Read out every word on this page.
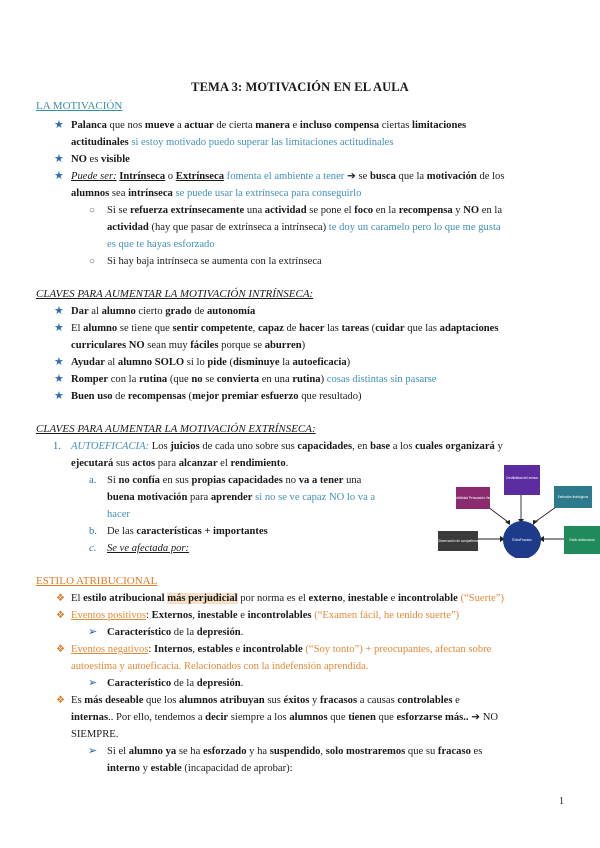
TEMA 3: MOTIVACIÓN EN EL AULA
LA MOTIVACIÓN
★ Palanca que nos mueve a actuar de cierta manera e incluso compensa ciertas limitaciones
actitudinales si estoy motivado puedo superar las limitaciones actitudinales
★ NO es visible
★ Puede ser: Intrínseca o Extrínseca fomenta el ambiente a tener ➔ se busca que la motivación de los
alumnos sea intrínseca se puede usar la extrínseca para conseguirlo
○ Si se refuerza extrínsecamente una actividad se pone el foco en la recompensa y NO en la
actividad (hay que pasar de extrínseca a intrínseca) te doy un caramelo pero lo que me gusta
es que te hayas esforzado
○ Si hay baja intrínseca se aumenta con la extrínseca
CLAVES PARA AUMENTAR LA MOTIVACIÓN INTRÍNSECA:
★ Dar al alumno cierto grado de autonomía
★ El alumno se tiene que sentir competente, capaz de hacer las tareas (cuidar que las adaptaciones
curriculares NO sean muy fáciles porque se aburren)
★ Ayudar al alumno SOLO si lo pide (disminuye la autoeficacia)
★ Romper con la rutina (que no se convierta en una rutina) cosas distintas sin pasarse
★ Buen uso de recompensas (mejor premiar esfuerzo que resultado)
CLAVES PARA AUMENTAR LA MOTIVACIÓN EXTRÍNSECA:
1. AUTOEFICACIA: Los juicios de cada uno sobre sus capacidades, en base a los cuales organizará y
ejecutará sus actos para alcanzar el rendimiento.
a. Si no confía en sus propias capacidades no va a tener una
buena motivación para aprender si no se ve capaz NO lo va a
hacer
b. De las características + importantes
c. Se ve afectada por:
Éxito/Fracaso
Credibilidad del emisor
Credibilidad Persuasión Verbal	Estímulos fisiológicos
Observación de compañeros	Estilo atribucional
ESTILO ATRIBUCIONAL
❖ El estilo atribucional más perjudicial por norma es el externo, inestable e incontrolable (“Suerte”)
❖ Eventos positivos: Externos, inestable e incontrolables (“Examen fácil, he tenido suerte”)
➢ Característico de la depresión.
❖ Eventos negativos: Internos, estables e incontrolable (“Soy tonto”) + preocupantes, afectan sobre
autoestima y autoeficacia. Relacionados con la indefensión aprendida.
➢ Característico de la depresión.
❖ Es más deseable que los alumnos atribuyan sus éxitos y fracasos a causas controlables e
internas.. Por ello, tendemos a decir siempre a los alumnos que tienen que esforzarse más.. ➔ NO
SIEMPRE.
➢ Si el alumno ya se ha esforzado y ha suspendido, solo mostraremos que su fracaso es
interno y estable (incapacidad de aprobar):
1
